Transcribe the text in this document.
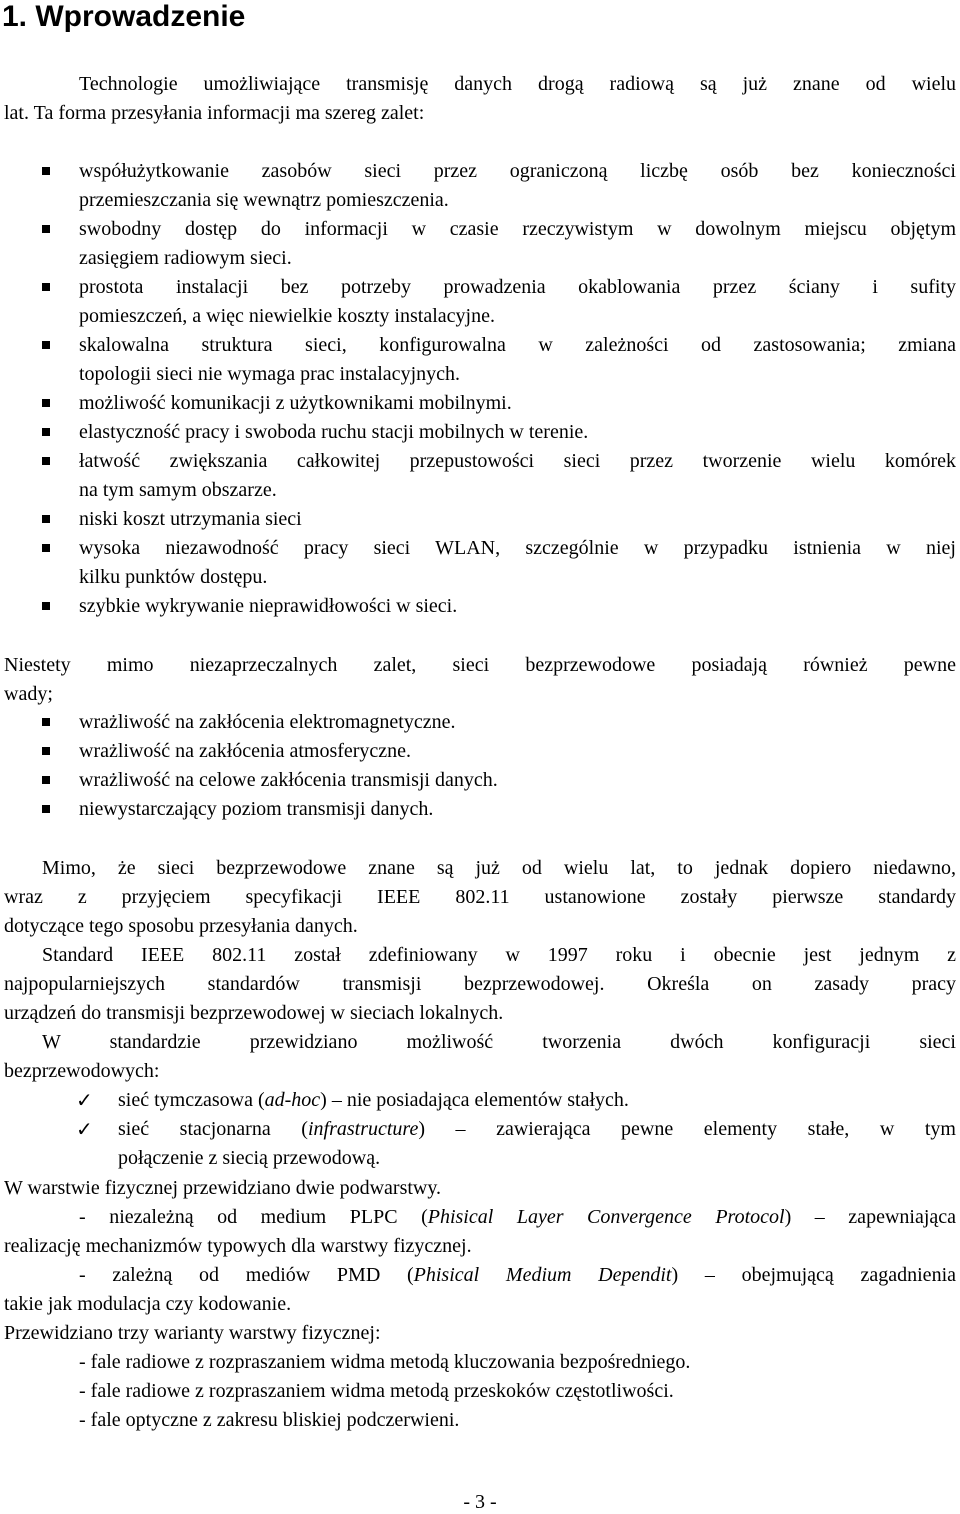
1. Wprowadzenie
Technologie umożliwiające transmisję danych drogą radiową są już znane od wielu
lat. Ta forma przesyłania informacji ma szereg zalet:
współużytkowanie zasobów sieci przez ograniczoną liczbę osób bez konieczności
przemieszczania się wewnątrz pomieszczenia.
swobodny dostęp do informacji w czasie rzeczywistym w dowolnym miejscu objętym
zasięgiem radiowym sieci.
prostota instalacji bez potrzeby prowadzenia okablowania przez ściany i sufity
pomieszczeń, a więc niewielkie koszty instalacyjne.
skalowalna struktura sieci, konfigurowalna w zależności od zastosowania; zmiana
topologii sieci nie wymaga prac instalacyjnych.
możliwość komunikacji z użytkownikami mobilnymi.
elastyczność pracy i swoboda ruchu stacji mobilnych w terenie.
łatwość zwiększania całkowitej przepustowości sieci przez tworzenie wielu komórek
na tym samym obszarze.
niski koszt utrzymania sieci
wysoka niezawodność pracy sieci WLAN, szczególnie w przypadku istnienia w niej
kilku punktów dostępu.
szybkie wykrywanie nieprawidłowości w sieci.
Niestety mimo niezaprzeczalnych zalet, sieci bezprzewodowe posiadają również pewne
wady;
wrażliwość na zakłócenia elektromagnetyczne.
wrażliwość na zakłócenia atmosferyczne.
wrażliwość na celowe zakłócenia transmisji danych.
niewystarczający poziom transmisji danych.
Mimo, że sieci bezprzewodowe znane są już od wielu lat, to jednak dopiero niedawno,
wraz z przyjęciem specyfikacji IEEE 802.11 ustanowione zostały pierwsze standardy
dotyczące tego sposobu przesyłania danych.
Standard IEEE 802.11 został zdefiniowany w 1997 roku i obecnie jest jednym z
najpopularniejszych standardów transmisji bezprzewodowej. Określa on zasady pracy
urządzeń do transmisji bezprzewodowej w sieciach lokalnych.
W standardzie przewidziano możliwość tworzenia dwóch konfiguracji sieci
bezprzewodowych:
✓ sieć tymczasowa (ad-hoc) – nie posiadająca elementów stałych.
✓ sieć stacjonarna (infrastructure) – zawierająca pewne elementy stałe, w tym
połączenie z siecią przewodową.
W warstwie fizycznej przewidziano dwie podwarstwy.
- niezależną od medium PLPC (Phisical Layer Convergence Protocol) – zapewniająca
realizację mechanizmów typowych dla warstwy fizycznej.
- zależną od mediów PMD (Phisical Medium Dependit) – obejmującą zagadnienia
takie jak modulacja czy kodowanie.
Przewidziano trzy warianty warstwy fizycznej:
- fale radiowe z rozpraszaniem widma metodą kluczowania bezpośredniego.
- fale radiowe z rozpraszaniem widma metodą przeskoków częstotliwości.
- fale optyczne z zakresu bliskiej podczerwieni.
- 3 -
